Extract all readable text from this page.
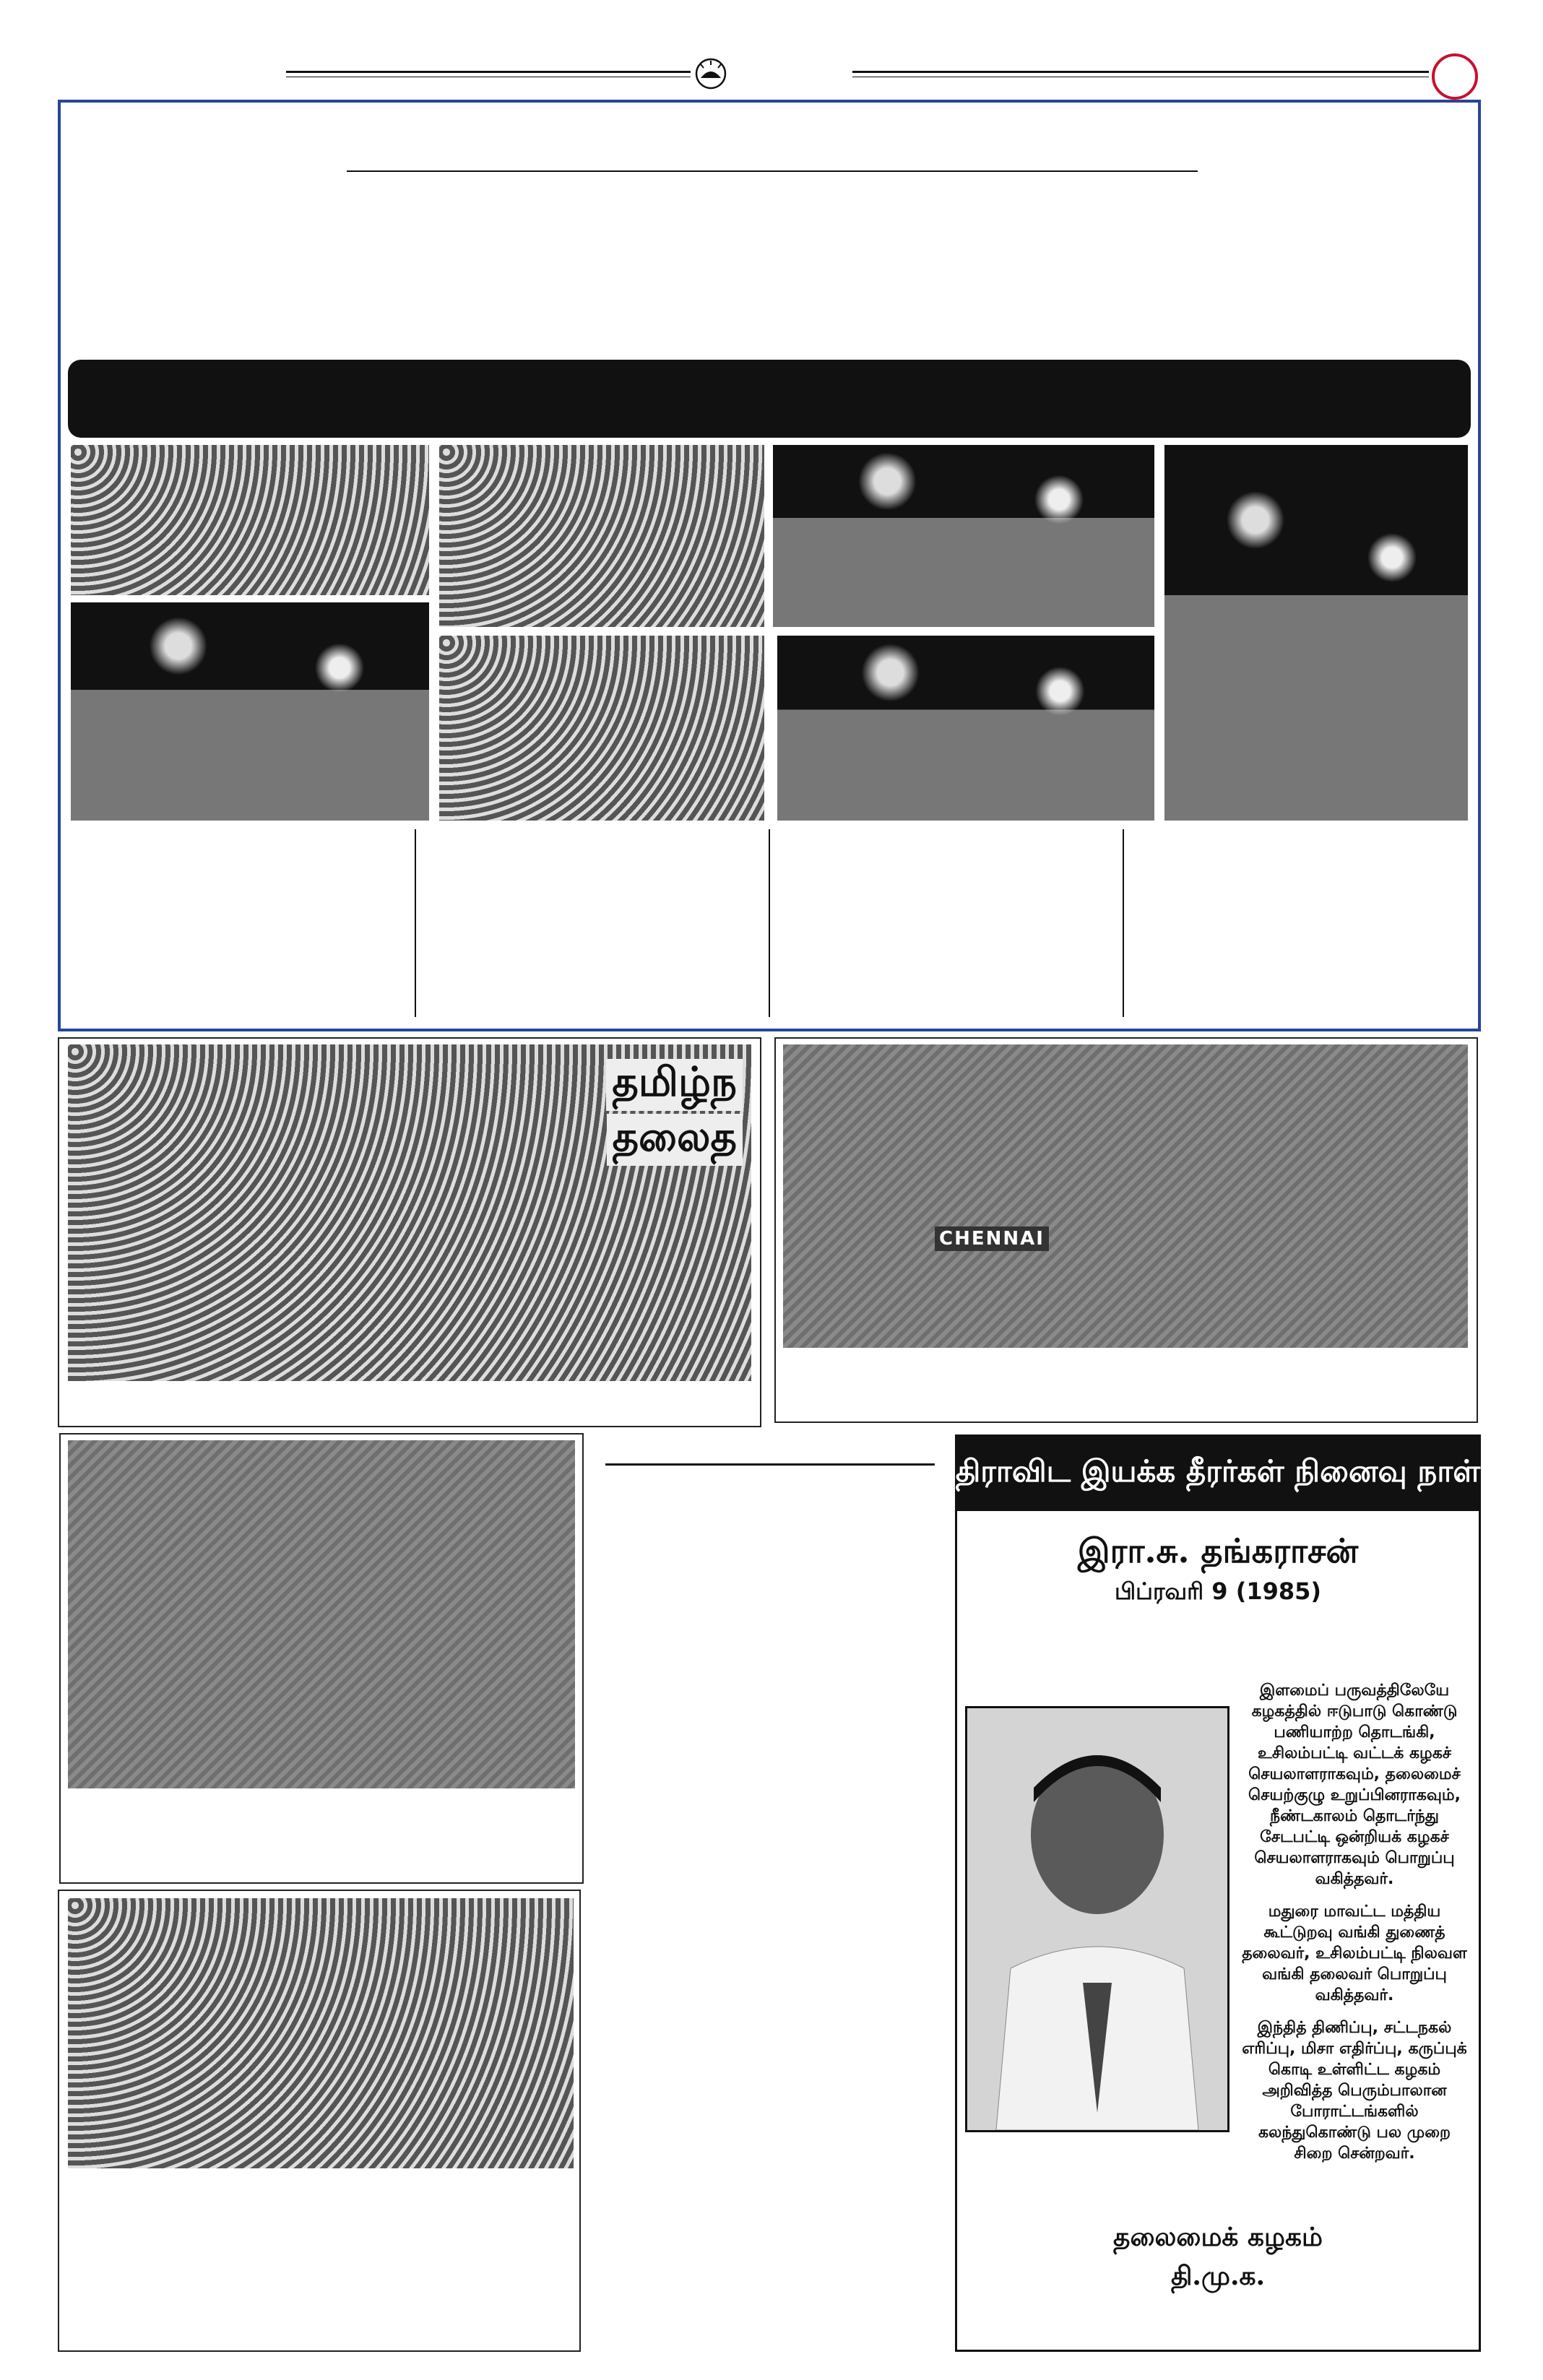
தமிழ்ந
தலைத
CHENNAI
திராவிட இயக்க தீரர்கள் நினைவு நாள்
இரா.சு. தங்கராசன்
பிப்ரவரி 9 (1985)

இளமைப் பருவத்திலேயே கழகத்தில் ஈடுபாடு கொண்டு பணியாற்ற தொடங்கி, உசிலம்பட்டி வட்டக் கழகச் செயலாளராகவும், தலைமைச் செயற்குழு உறுப்பினராகவும், நீண்டகாலம் தொடர்ந்து சேடபட்டி ஒன்றியக் கழகச் செயலாளராகவும் பொறுப்பு வகித்தவர்.

மதுரை மாவட்ட மத்திய கூட்டுறவு வங்கி துணைத் தலைவர், உசிலம்பட்டி நிலவள வங்கி தலைவர் பொறுப்பு வகித்தவர்.

இந்தித் திணிப்பு, சட்டநகல் எரிப்பு, மிசா எதிர்ப்பு, கருப்புக் கொடி உள்ளிட்ட கழகம் அறிவித்த பெரும்பாலான போராட்டங்களில் கலந்துகொண்டு பல முறை சிறை சென்றவர்.

தலைமைக் கழகம்
தி.மு.க.
